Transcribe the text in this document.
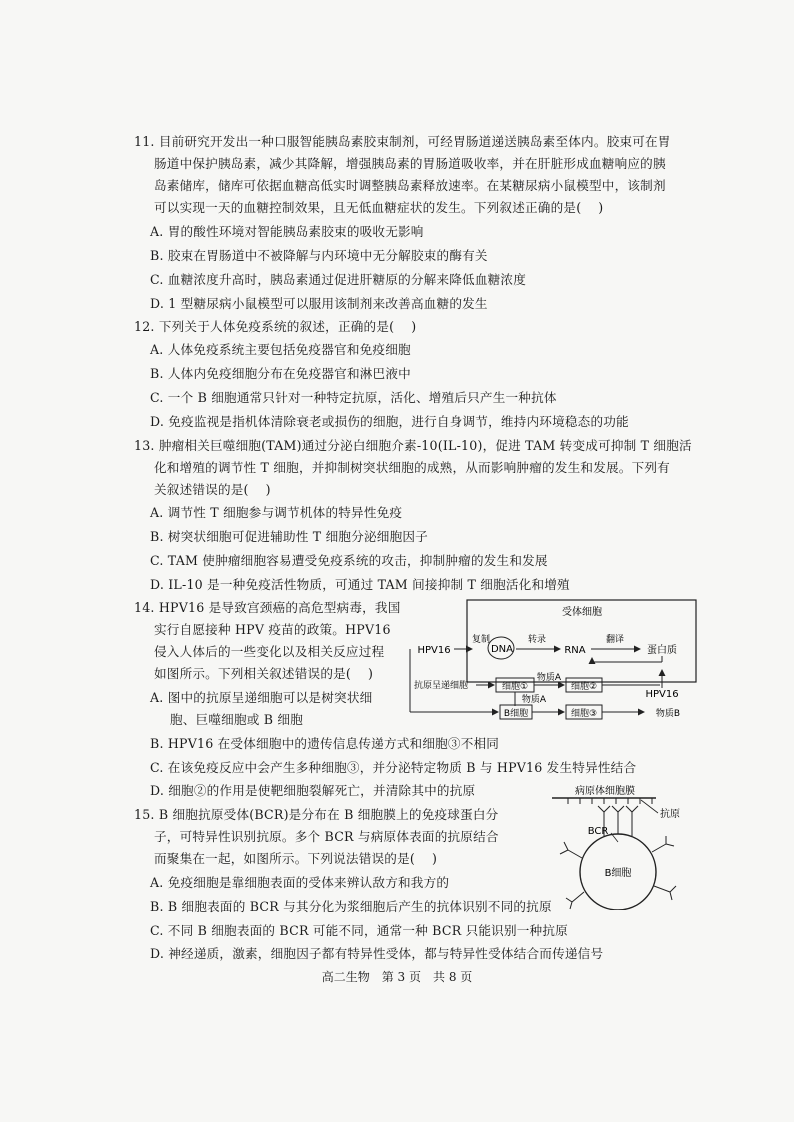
11. 目前研究开发出一种口服智能胰岛素胶束制剂，可经胃肠道递送胰岛素至体内。胶束可在胃
肠道中保护胰岛素，减少其降解，增强胰岛素的胃肠道吸收率，并在肝脏形成血糖响应的胰
岛素储库，储库可依据血糖高低实时调整胰岛素释放速率。在某糖尿病小鼠模型中，该制剂
可以实现一天的血糖控制效果，且无低血糖症状的发生。下列叙述正确的是(　 )
A. 胃的酸性环境对智能胰岛素胶束的吸收无影响
B. 胶束在胃肠道中不被降解与内环境中无分解胶束的酶有关
C. 血糖浓度升高时，胰岛素通过促进肝糖原的分解来降低血糖浓度
D. 1 型糖尿病小鼠模型可以服用该制剂来改善高血糖的发生
12. 下列关于人体免疫系统的叙述，正确的是(　 )
A. 人体免疫系统主要包括免疫器官和免疫细胞
B. 人体内免疫细胞分布在免疫器官和淋巴液中
C. 一个 B 细胞通常只针对一种特定抗原，活化、增殖后只产生一种抗体
D. 免疫监视是指机体清除衰老或损伤的细胞，进行自身调节，维持内环境稳态的功能
13. 肿瘤相关巨噬细胞(TAM)通过分泌白细胞介素-10(IL-10)，促进 TAM 转变成可抑制 T 细胞活
化和增殖的调节性 T 细胞，并抑制树突状细胞的成熟，从而影响肿瘤的发生和发展。下列有
关叙述错误的是(　 )
A. 调节性 T 细胞参与调节机体的特异性免疫
B. 树突状细胞可促进辅助性 T 细胞分泌细胞因子
C. TAM 使肿瘤细胞容易遭受免疫系统的攻击，抑制肿瘤的发生和发展
D. IL-10 是一种免疫活性物质，可通过 TAM 间接抑制 T 细胞活化和增殖
14. HPV16 是导致宫颈癌的高危型病毒，我国
实行自愿接种 HPV 疫苗的政策。HPV16
侵入人体后的一些变化以及相关反应过程
如图所示。下列相关叙述错误的是(　 )
A. 图中的抗原呈递细胞可以是树突状细
胞、巨噬细胞或 B 细胞
B. HPV16 在受体细胞中的遗传信息传递方式和细胞③不相同
C. 在该免疫反应中会产生多种细胞③，并分泌特定物质 B 与 HPV16 发生特异性结合
D. 细胞②的作用是使靶细胞裂解死亡，并清除其中的抗原
受体细胞
HPV16
复制
DNA
转录
RNA
翻译
蛋白质
HPV16
抗原呈递细胞	细胞①
物质A
细胞②
物质A
B细胞	细胞③	物质B
15. B 细胞抗原受体(BCR)是分布在 B 细胞膜上的免疫球蛋白分
子，可特异性识别抗原。多个 BCR 与病原体表面的抗原结合
而聚集在一起，如图所示。下列说法错误的是(　 )
A. 免疫细胞是靠细胞表面的受体来辨认敌方和我方的
B. B 细胞表面的 BCR 与其分化为浆细胞后产生的抗体识别不同的抗原
C. 不同 B 细胞表面的 BCR 可能不同，通常一种 BCR 只能识别一种抗原
D. 神经递质，激素，细胞因子都有特异性受体，都与特异性受体结合而传递信号
病原体细胞膜
抗原
BCR
B细胞
高二生物　第 3 页　共 8 页
